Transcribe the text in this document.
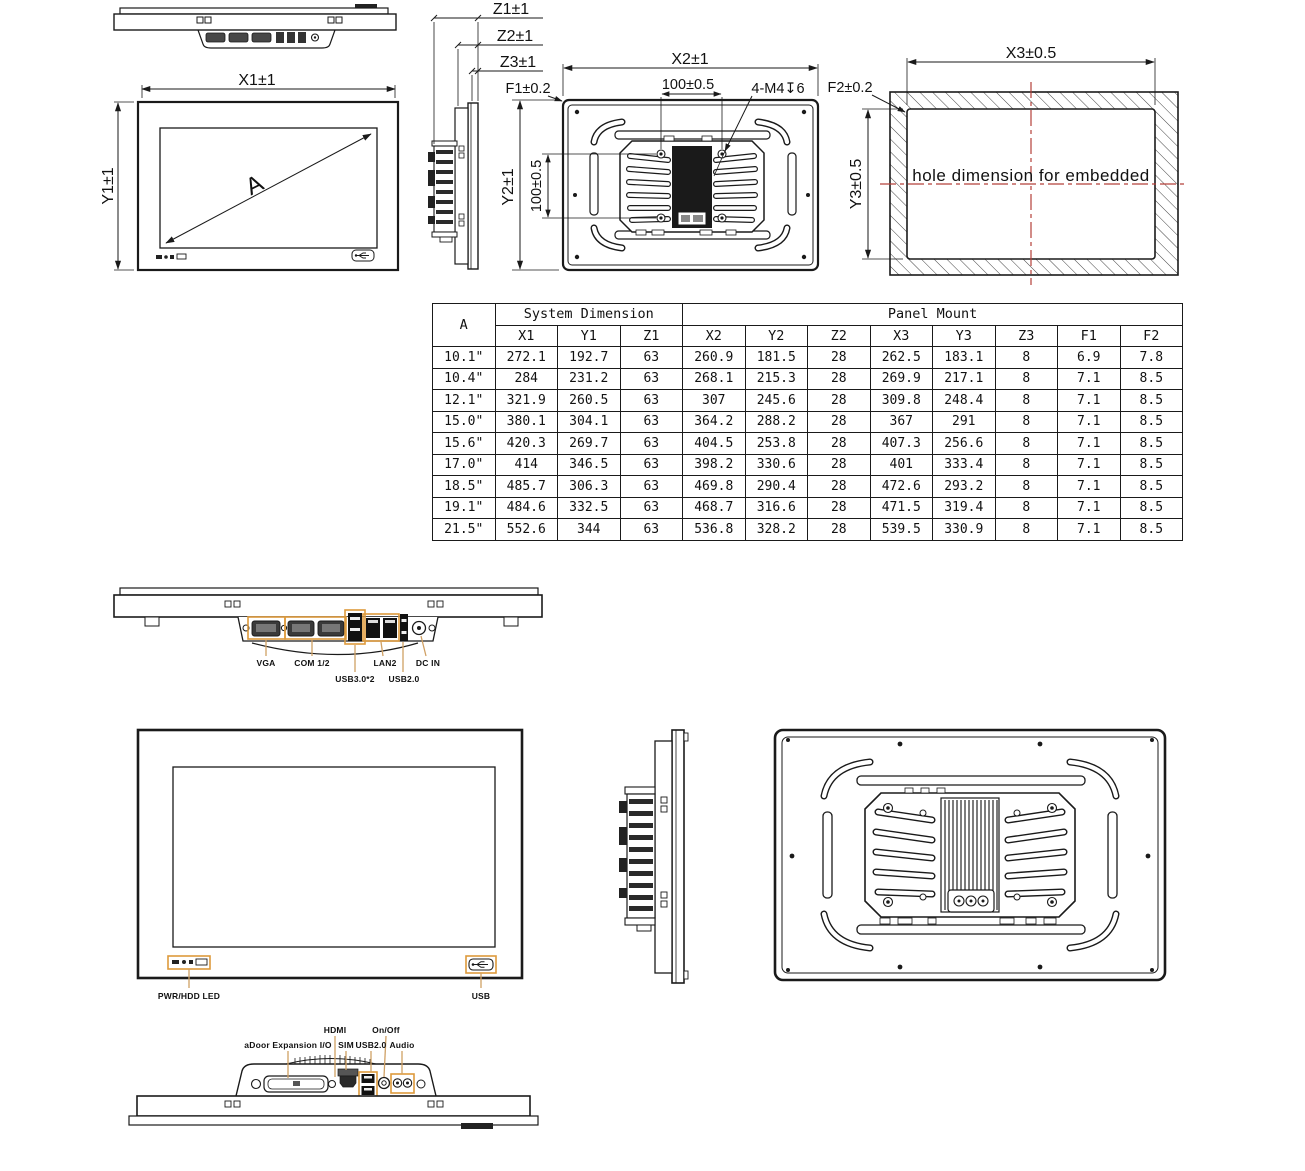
A
X1±1
Y1±1
Z1±1
Z2±1
Z3±1
F1±0.2
X2±1
100±0.5	4-M4↧6
Y2±1 100±0.5	hole dimension for embedded
X3±0.5
Y3±0.5
F2±0.2
VGA COM 1/2
USB3.0*2
LAN2
USB2.0
DC IN
PWR/HDD LED	USB
aDoor Expansion I/O
HDMI
SIM USB2.0
On/Off
Audio
A	System Dimension			Panel Mount							
	X1	Y1	Z1	X2	Y2	Z2	X3	Y3	Z3	F1	F2
10.1"	272.1	192.7	63	260.9	181.5	28	262.5	183.1	8	6.9	7.8
10.4"	284	231.2	63	268.1	215.3	28	269.9	217.1	8	7.1	8.5
12.1"	321.9	260.5	63	307	245.6	28	309.8	248.4	8	7.1	8.5
15.0"	380.1	304.1	63	364.2	288.2	28	367	291	8	7.1	8.5
15.6"	420.3	269.7	63	404.5	253.8	28	407.3	256.6	8	7.1	8.5
17.0"	414	346.5	63	398.2	330.6	28	401	333.4	8	7.1	8.5
18.5"	485.7	306.3	63	469.8	290.4	28	472.6	293.2	8	7.1	8.5
19.1"	484.6	332.5	63	468.7	316.6	28	471.5	319.4	8	7.1	8.5
21.5"	552.6	344	63	536.8	328.2	28	539.5	330.9	8	7.1	8.5
